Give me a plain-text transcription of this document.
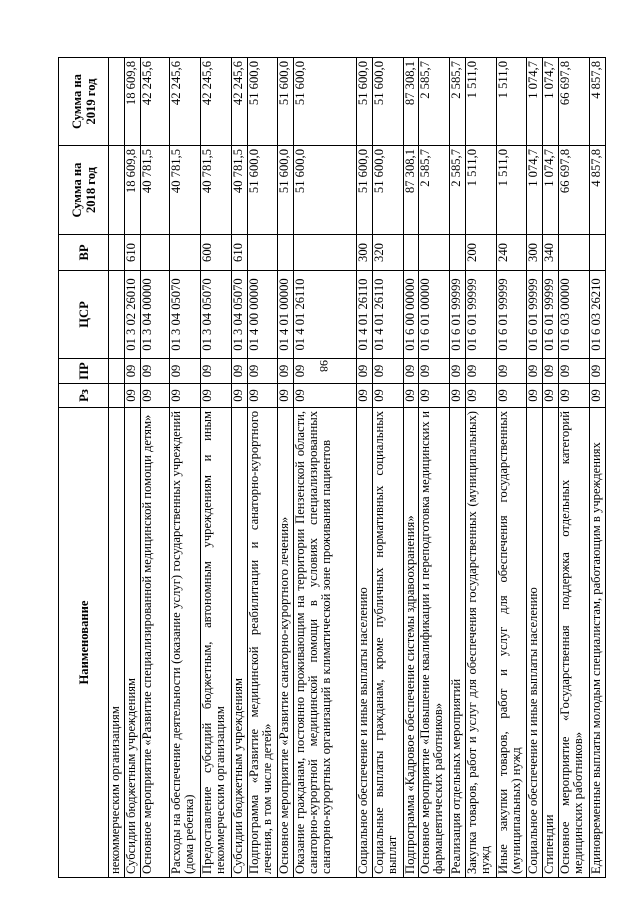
98
Наименование	Рз	ПР	ЦСР	ВР	Сумма на 2018 год	Сумма на 2019 год
некоммерческим организациям						
Субсидии бюджетным учреждениям	09	09	01 3 02 26010	610	18 609,8	18 609,8
Основное мероприятие «Развитие специализированной медицинской помощи детям»	09	09	01 3 04 00000		40 781,5	42 245,6
Расходы на обеспечение деятельности (оказание услуг) государственных учреждений (дома ребенка)	09	09	01 3 04 05070		40 781,5	42 245,6
Предоставление субсидий бюджетным, автономным учреждениям и иным некоммерческим организациям	09	09	01 3 04 05070	600	40 781,5	42 245,6
Субсидии бюджетным учреждениям	09	09	01 3 04 05070	610	40 781,5	42 245,6
Подпрограмма «Развитие медицинской реабилитации и санаторно-курортного лечения, в том числе детей»	09	09	01 4 00 00000		51 600,0	51 600,0
Основное мероприятие «Развитие санаторно-курортного лечения»	09	09	01 4 01 00000		51 600,0	51 600,0
Оказание гражданам, постоянно проживающим на территории Пензенской области, санаторно-курортной медицинской помощи в условиях специализированных санаторно-курортных организаций в климатической зоне проживания пациентов	09	09	01 4 01 26110		51 600,0	51 600,0
Социальное обеспечение и иные выплаты населению	09	09	01 4 01 26110	300	51 600,0	51 600,0
Социальные выплаты гражданам, кроме публичных нормативных социальных выплат	09	09	01 4 01 26110	320	51 600,0	51 600,0
Подпрограмма «Кадровое обеспечение системы здравоохранения»	09	09	01 6 00 00000		87 308,1	87 308,1
Основное мероприятие «Повышение квалификации и переподготовка медицинских и фармацевтических работников»	09	09	01 6 01 00000		2 585,7	2 585,7
Реализация отдельных мероприятий	09	09	01 6 01 99999		2 585,7	2 585,7
Закупка товаров, работ и услуг для обеспечения государственных (муниципальных) нужд	09	09	01 6 01 99999	200	1 511,0	1 511,0
Иные закупки товаров, работ и услуг для обеспечения государственных (муниципальных) нужд	09	09	01 6 01 99999	240	1 511,0	1 511,0
Социальное обеспечение и иные выплаты населению	09	09	01 6 01 99999	300	1 074,7	1 074,7
Стипендии	09	09	01 6 01 99999	340	1 074,7	1 074,7
Основное мероприятие «Государственная поддержка отдельных категорий медицинских работников»	09	09	01 6 03 00000		66 697,8	66 697,8
Единовременные выплаты молодым специалистам, работающим в учреждениях	09	09	01 6 03 26210		4 857,8	4 857,8
